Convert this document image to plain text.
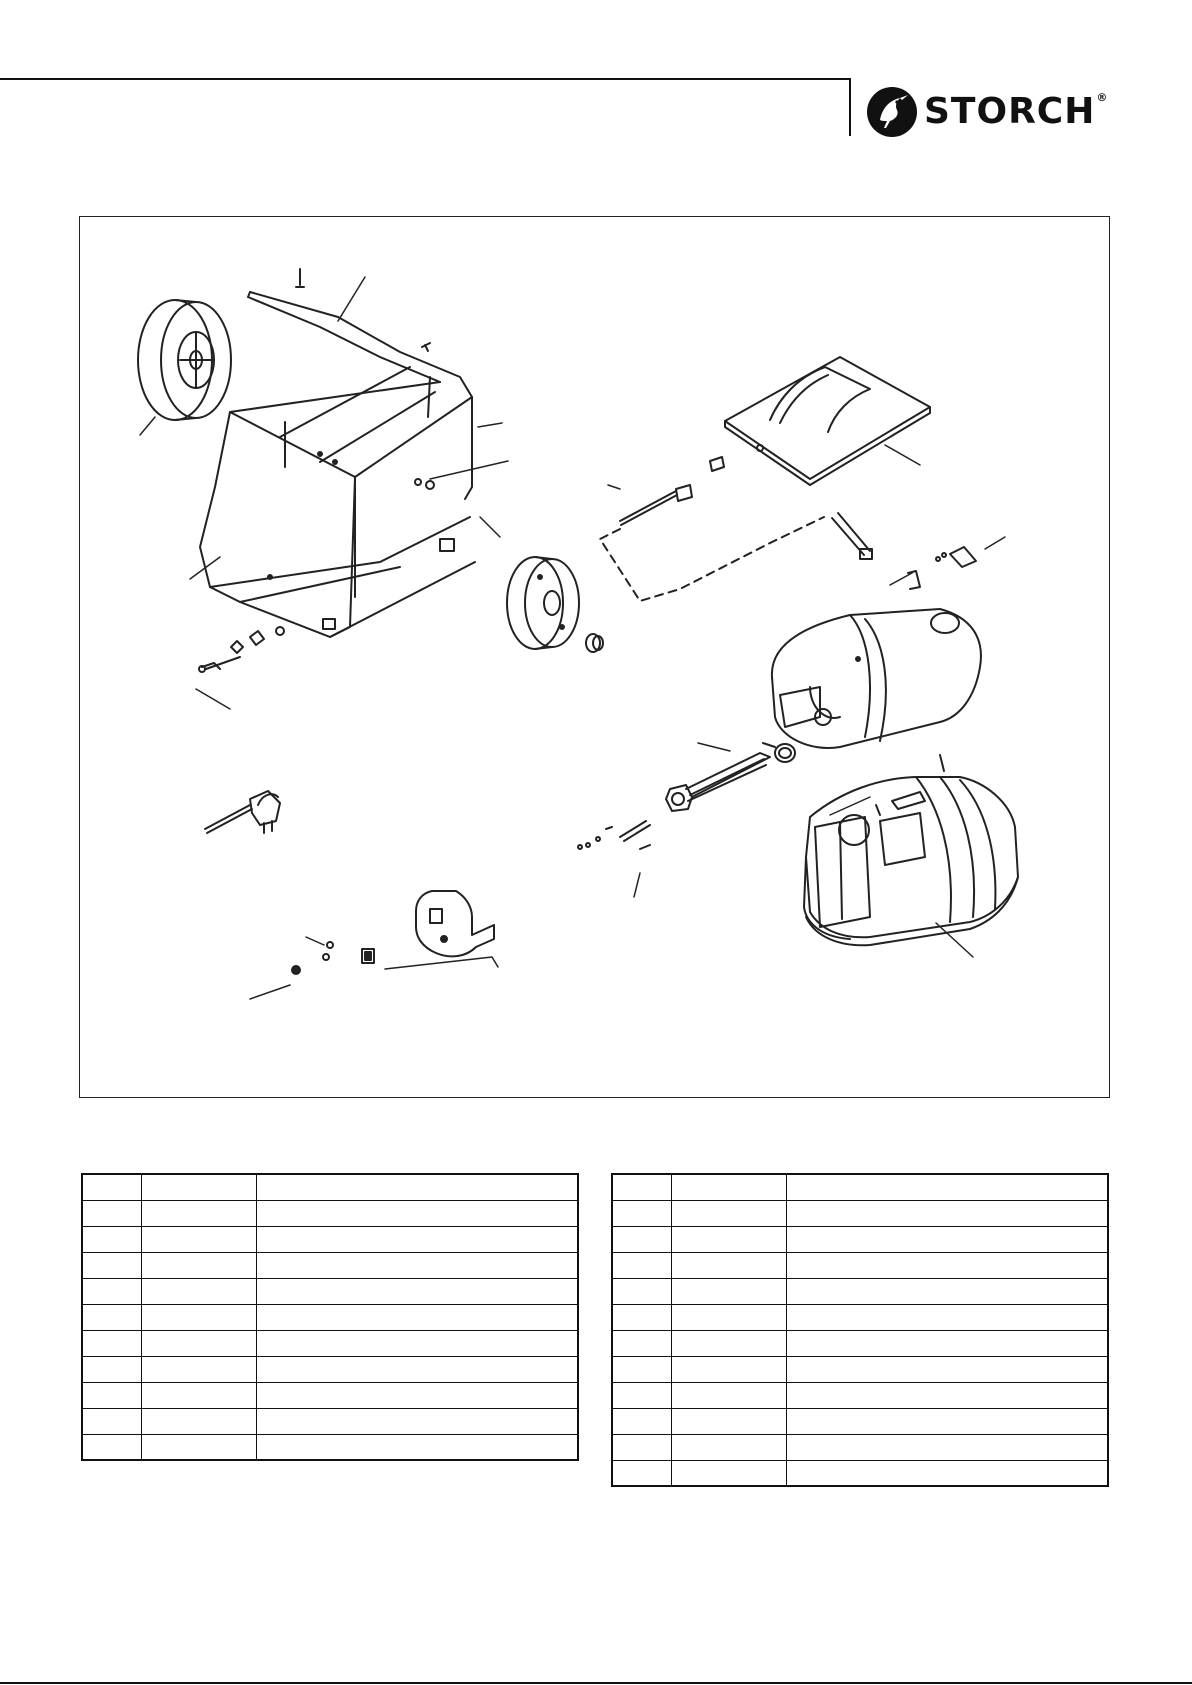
STORCH®
